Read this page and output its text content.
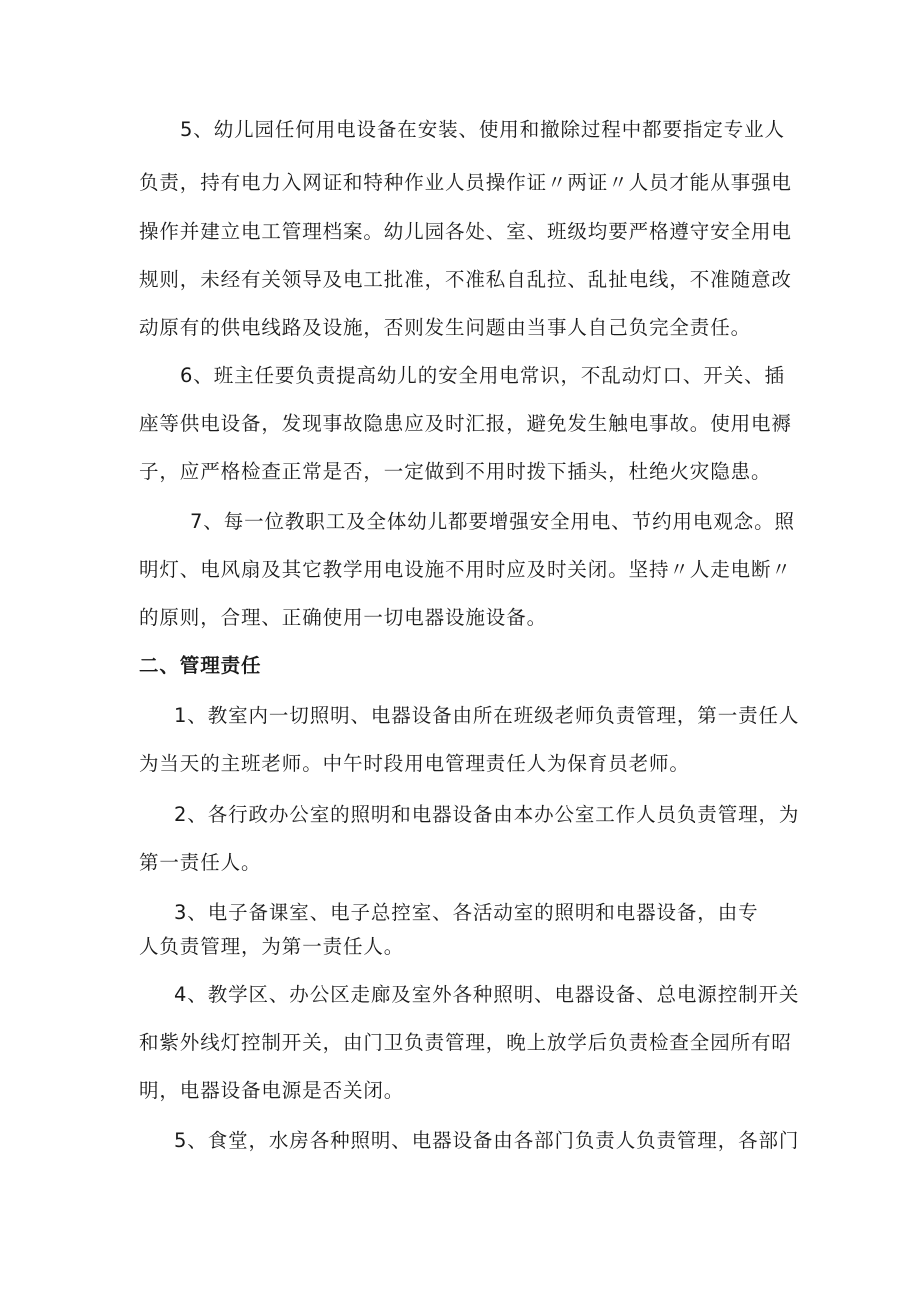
5、幼儿园任何用电设备在安装、使用和撤除过程中都要指定专业人
负责，持有电力入网证和特种作业人员操作证〃两证〃人员才能从事强电
操作并建立电工管理档案。幼儿园各处、室、班级均要严格遵守安全用电
规则，未经有关领导及电工批准，不准私自乱拉、乱扯电线，不准随意改
动原有的供电线路及设施，否则发生问题由当事人自己负完全责任。
6、班主任要负责提高幼儿的安全用电常识，不乱动灯口、开关、插
座等供电设备，发现事故隐患应及时汇报，避免发生触电事故。使用电褥
子，应严格检查正常是否，一定做到不用时拨下插头，杜绝火灾隐患。
7、每一位教职工及全体幼儿都要增强安全用电、节约用电观念。照
明灯、电风扇及其它教学用电设施不用时应及时关闭。坚持〃人走电断〃
的原则，合理、正确使用一切电器设施设备。
二、管理责任
1、教室内一切照明、电器设备由所在班级老师负责管理，第一责任人
为当天的主班老师。中午时段用电管理责任人为保育员老师。
2、各行政办公室的照明和电器设备由本办公室工作人员负责管理，为
第一责任人。
3、电子备课室、电子总控室、各活动室的照明和电器设备，由专
人负责管理，为第一责任人。
4、教学区、办公区走廊及室外各种照明、电器设备、总电源控制开关
和紫外线灯控制开关，由门卫负责管理，晚上放学后负责检查全园所有昭
明，电器设备电源是否关闭。
5、食堂，水房各种照明、电器设备由各部门负责人负责管理，各部门
